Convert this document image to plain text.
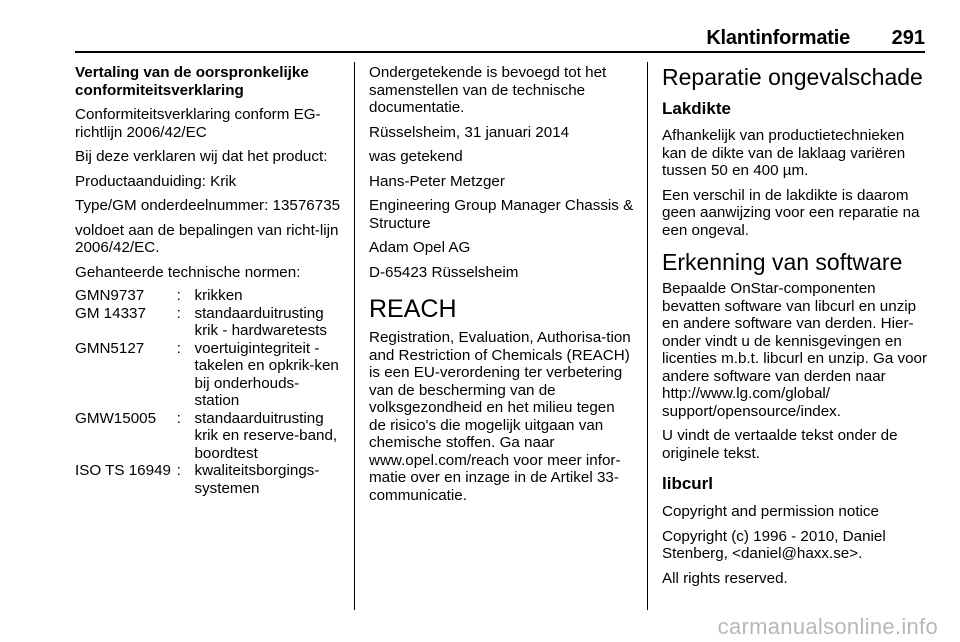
Klantinformatie 291

Vertaling van de oorspronkelijke conformiteitsverklaring

Conformiteitsverklaring conform EG-richtlijn 2006/42/EC

Bij deze verklaren wij dat het product:

Productaanduiding: Krik

Type/GM onderdeelnummer: 13576735

voldoet aan de bepalingen van richt-lijn 2006/42/EC.

Gehanteerde technische normen:

GMN9737	:	krikken
GM 14337	:	standaarduitrusting krik - hardwaretests
GMN5127	:	voertuigintegriteit - takelen en opkrik-ken bij onderhouds-station
GMW15005	:	standaarduitrusting krik en reserve-band, boordtest
ISO TS 16949	:	kwaliteitsborgings-systemen

Ondergetekende is bevoegd tot het samenstellen van de technische documentatie.

Rüsselsheim, 31 januari 2014

was getekend

Hans-Peter Metzger

Engineering Group Manager Chassis & Structure

Adam Opel AG

D-65423 Rüsselsheim

REACH

Registration, Evaluation, Authorisa-tion and Restriction of Chemicals (REACH) is een EU-verordening ter verbetering van de bescherming van de volksgezondheid en het milieu tegen de risico's die mogelijk uitgaan van chemische stoffen. Ga naar www.opel.com/reach voor meer infor-matie over en inzage in de Artikel 33-communicatie.

Reparatie ongevalschade
Lakdikte

Afhankelijk van productietechnieken kan de dikte van de laklaag variëren tussen 50 en 400 µm.

Een verschil in de lakdikte is daarom geen aanwijzing voor een reparatie na een ongeval.

Erkenning van software

Bepaalde OnStar-componenten bevatten software van libcurl en unzip en andere software van derden. Hier-onder vindt u de kennisgevingen en licenties m.b.t. libcurl en unzip. Ga voor andere software van derden naar http://www.lg.com/global/ support/opensource/index.

U vindt de vertaalde tekst onder de originele tekst.

libcurl

Copyright and permission notice

Copyright (c) 1996 - 2010, Daniel Stenberg, <daniel@haxx.se>.

All rights reserved.

carmanualsonline.info
